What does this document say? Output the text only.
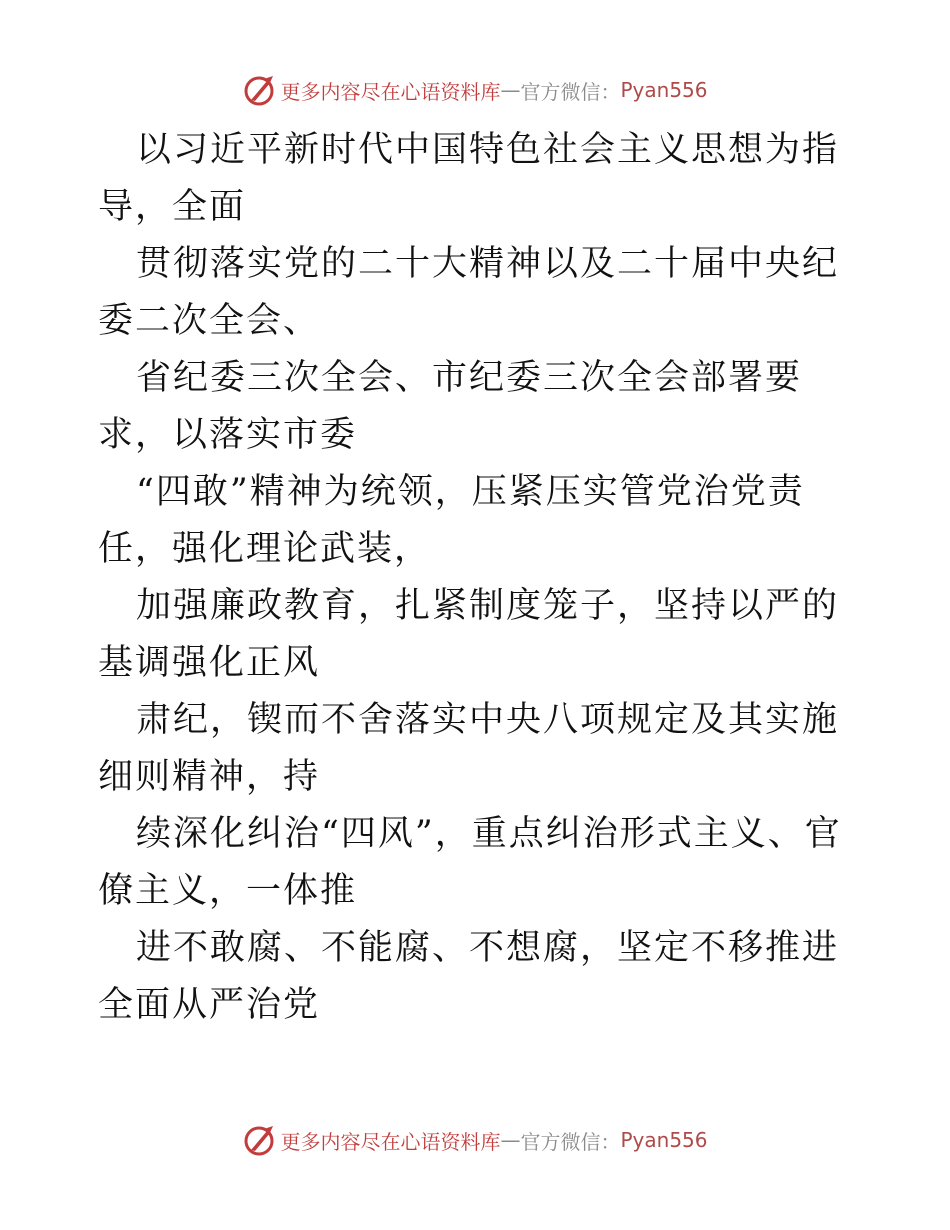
更多内容尽在心语资料库 — 官方微信： Pyan556

以习近平新时代中国特色社会主义思想为指导，全面

贯彻落实党的二十大精神以及二十届中央纪委二次全会、

省纪委三次全会、市纪委三次全会部署要求，以落实市委

“四敢”精神为统领，压紧压实管党治党责任，强化理论武装，

加强廉政教育，扎紧制度笼子，坚持以严的基调强化正风

肃纪，锲而不舍落实中央八项规定及其实施细则精神，持

续深化纠治“四风”，重点纠治形式主义、官僚主义，一体推

进不敢腐、不能腐、不想腐，坚定不移推进全面从严治党

更多内容尽在心语资料库 — 官方微信： Pyan556
